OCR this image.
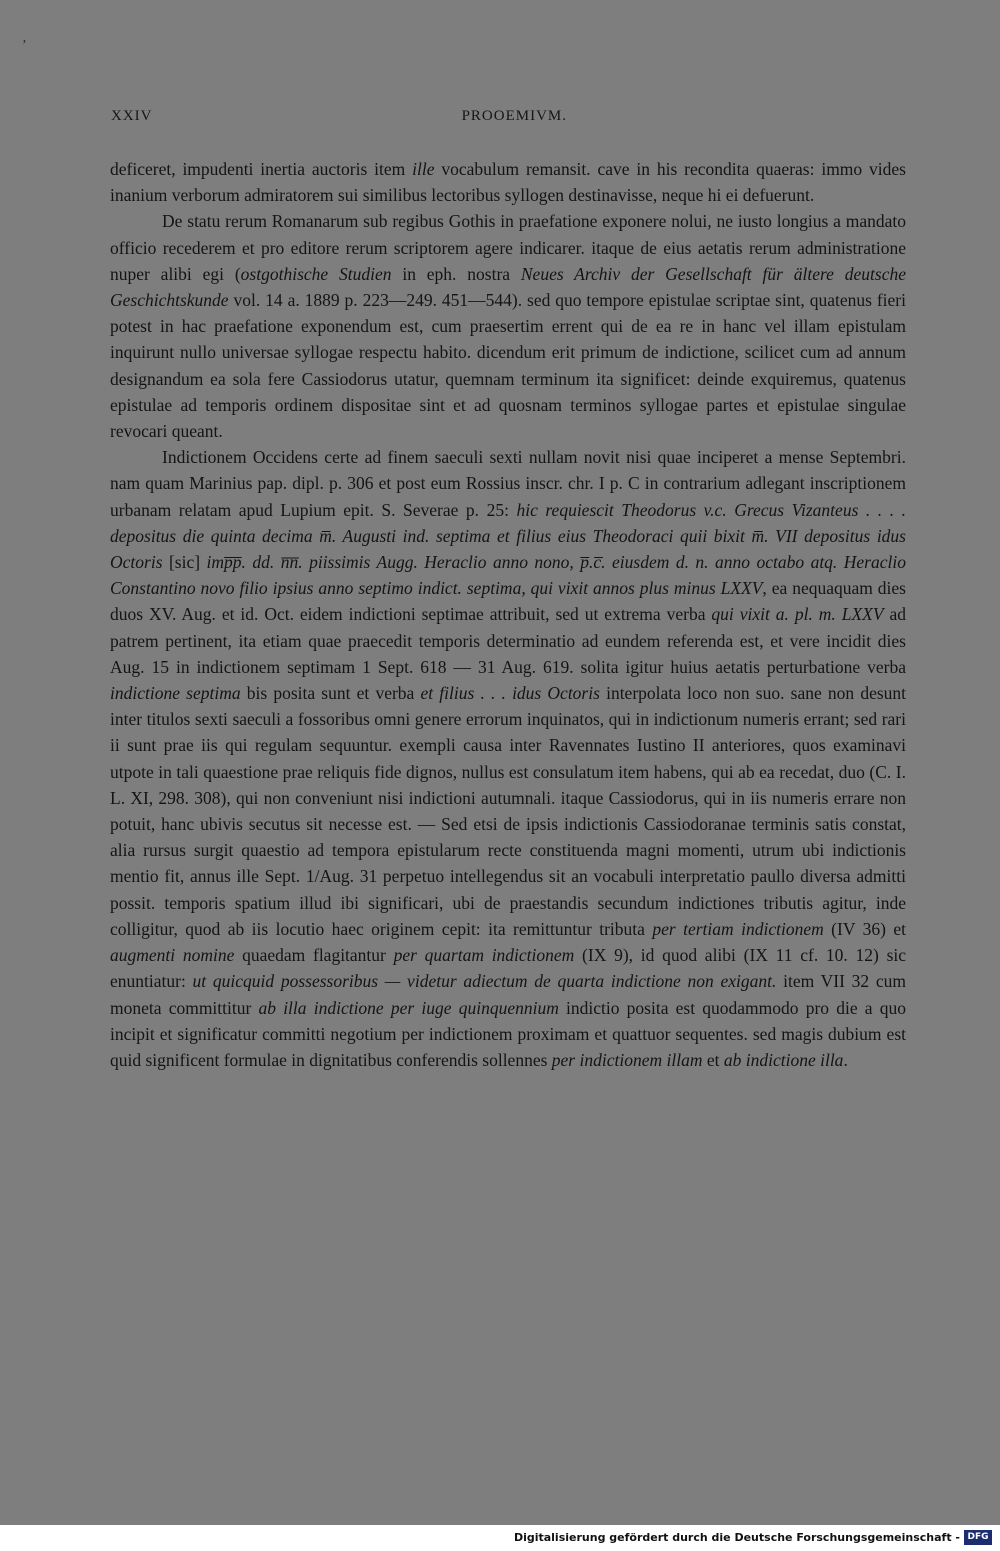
ʼ
XXIV	PROOEMIVM.

deficeret, impudenti inertia auctoris item ille vocabulum remansit. cave in his recondita quaeras: immo vides inanium verborum admiratorem sui similibus lectoribus syllogen destinavisse, neque hi ei defuerunt.

De statu rerum Romanarum sub regibus Gothis in praefatione exponere nolui, ne iusto longius a mandato officio recederem et pro editore rerum scriptorem agere indicarer. itaque de eius aetatis rerum administratione nuper alibi egi (ostgothische Studien in eph. nostra Neues Archiv der Gesellschaft für ältere deutsche Geschichtskunde vol. 14 a. 1889 p. 223—249. 451—544). sed quo tempore epistulae scriptae sint, quatenus fieri potest in hac praefatione exponendum est, cum praesertim errent qui de ea re in hanc vel illam epistulam inquirunt nullo universae syllogae respectu habito. dicendum erit primum de indictione, scilicet cum ad annum designandum ea sola fere Cassiodorus utatur, quemnam terminum ita significet: deinde exquiremus, quatenus epistulae ad temporis ordinem dispositae sint et ad quosnam terminos syllogae partes et epistulae singulae revocari queant.

Indictionem Occidens certe ad finem saeculi sexti nullam novit nisi quae inciperet a mense Septembri. nam quam Marinius pap. dipl. p. 306 et post eum Rossius inscr. chr. I p. C in contrarium adlegant inscriptionem urbanam relatam apud Lupium epit. S. Severae p. 25: hic requiescit Theodorus v.c. Grecus Vizanteus . . . . depositus die quinta decima m̅. Augusti ind. septima et filius eius Theodoraci quii bixit m̅. VII depositus idus Octoris [sic] imp̅p̅. dd. n̅n̅. piissimis Augg. Heraclio anno nono, p̅.c̅. eiusdem d. n. anno octabo atq. Heraclio Constantino novo filio ipsius anno septimo indict. septima, qui vixit annos plus minus LXXV, ea nequaquam dies duos XV. Aug. et id. Oct. eidem indictioni septimae attribuit, sed ut extrema verba qui vixit a. pl. m. LXXV ad patrem pertinent, ita etiam quae praecedit temporis determinatio ad eundem referenda est, et vere incidit dies Aug. 15 in indictionem septimam 1 Sept. 618 — 31 Aug. 619. solita igitur huius aetatis perturbatione verba indictione septima bis posita sunt et verba et filius . . . idus Octoris interpolata loco non suo. sane non desunt inter titulos sexti saeculi a fossoribus omni genere errorum inquinatos, qui in indictionum numeris errant; sed rari ii sunt prae iis qui regulam sequuntur. exempli causa inter Ravennates Iustino II anteriores, quos examinavi utpote in tali quaestione prae reliquis fide dignos, nullus est consulatum item habens, qui ab ea recedat, duo (C. I. L. XI, 298. 308), qui non conveniunt nisi indictioni autumnali. itaque Cassiodorus, qui in iis numeris errare non potuit, hanc ubivis secutus sit necesse est. — Sed etsi de ipsis indictionis Cassiodoranae terminis satis constat, alia rursus surgit quaestio ad tempora epistularum recte constituenda magni momenti, utrum ubi indictionis mentio fit, annus ille Sept. 1/Aug. 31 perpetuo intellegendus sit an vocabuli interpretatio paullo diversa admitti possit. temporis spatium illud ibi significari, ubi de praestandis secundum indictiones tributis agitur, inde colligitur, quod ab iis locutio haec originem cepit: ita remittuntur tributa per tertiam indictionem (IV 36) et augmenti nomine quaedam flagitantur per quartam indictionem (IX 9), id quod alibi (IX 11 cf. 10. 12) sic enuntiatur: ut quicquid possessoribus — videtur adiectum de quarta indictione non exigant. item VII 32 cum moneta committitur ab illa indictione per iuge quinquennium indictio posita est quodammodo pro die a quo incipit et significatur committi negotium per indictionem proximam et quattuor sequentes. sed magis dubium est quid significent formulae in dignitatibus conferendis sollennes per indictionem illam et ab indictione illa.

Digitalisierung gefördert durch die Deutsche Forschungsgemeinschaft - DFG
